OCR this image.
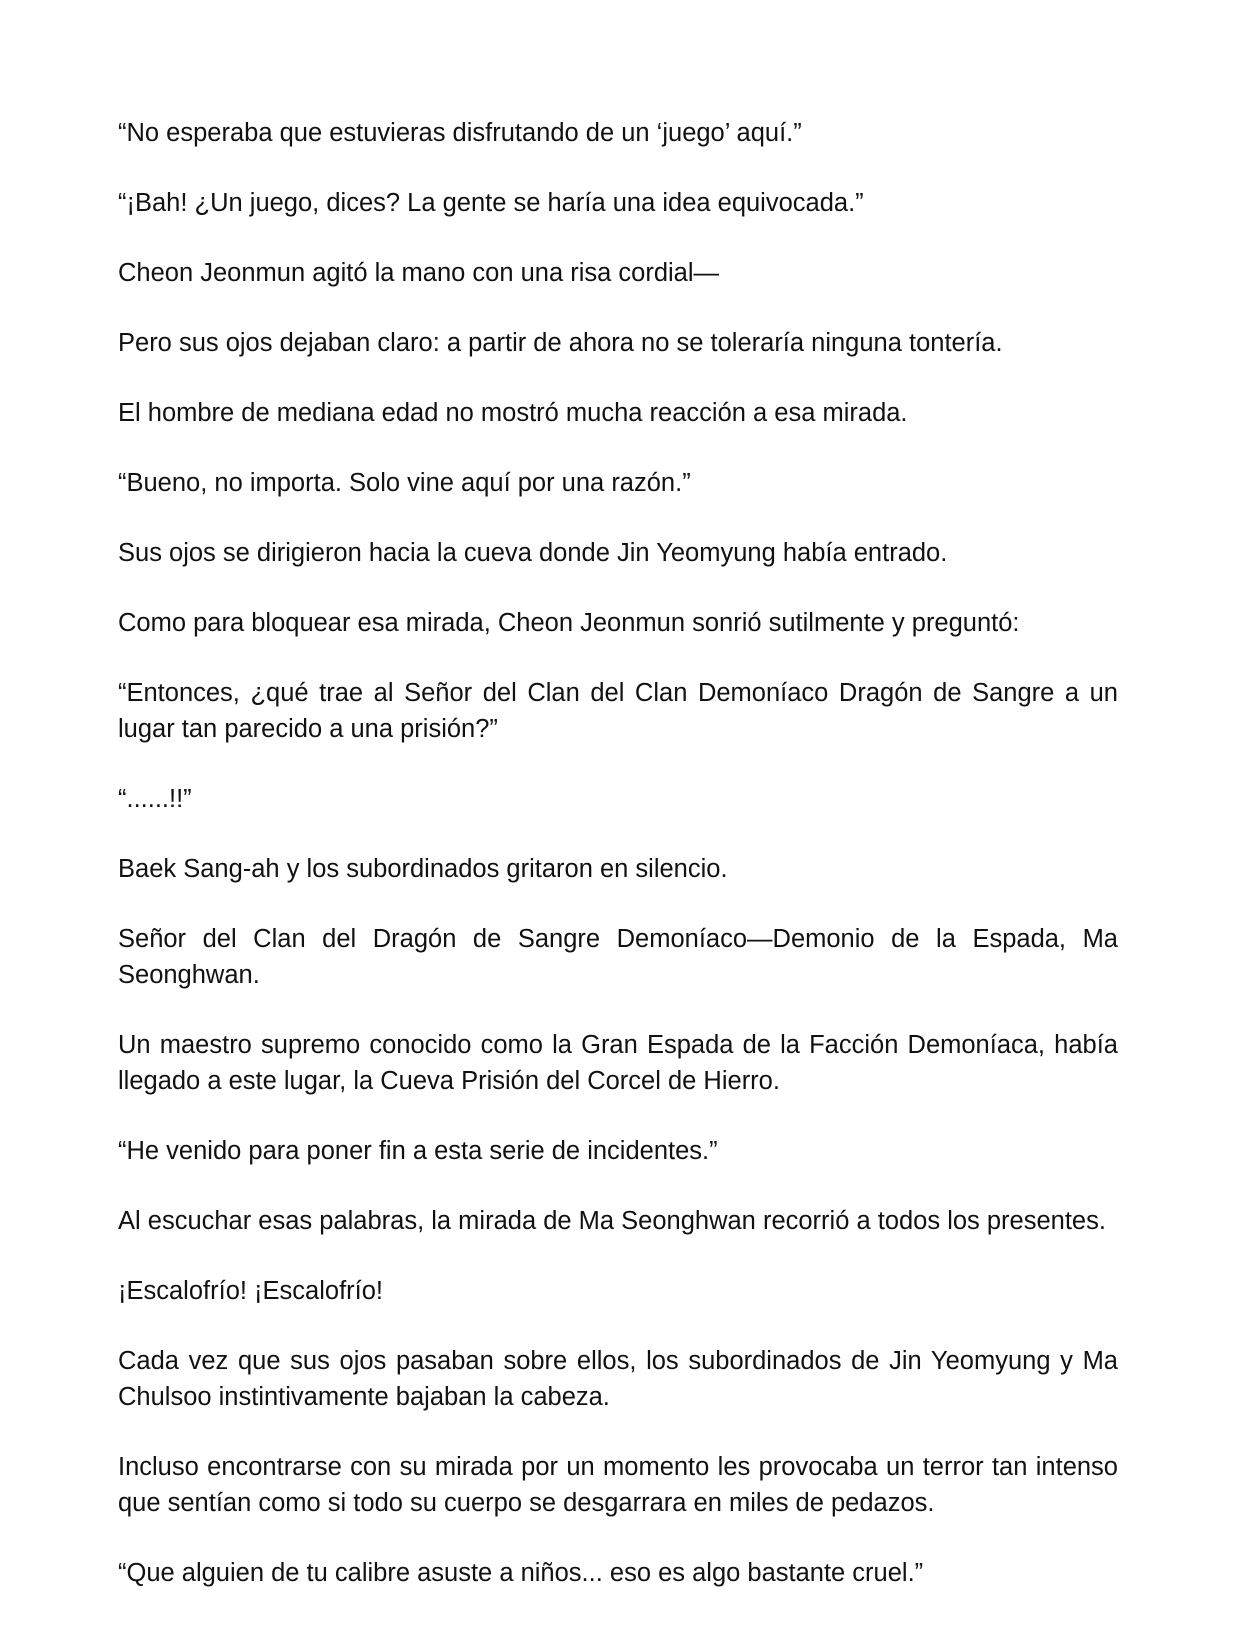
“No esperaba que estuvieras disfrutando de un ‘juego’ aquí.”

“¡Bah! ¿Un juego, dices? La gente se haría una idea equivocada.”

Cheon Jeonmun agitó la mano con una risa cordial—

Pero sus ojos dejaban claro: a partir de ahora no se toleraría ninguna tontería.

El hombre de mediana edad no mostró mucha reacción a esa mirada.

“Bueno, no importa. Solo vine aquí por una razón.”

Sus ojos se dirigieron hacia la cueva donde Jin Yeomyung había entrado.

Como para bloquear esa mirada, Cheon Jeonmun sonrió sutilmente y preguntó:

“Entonces, ¿qué trae al Señor del Clan del Clan Demoníaco Dragón de Sangre a un lugar tan parecido a una prisión?”

“......!!”

Baek Sang-ah y los subordinados gritaron en silencio.

Señor del Clan del Dragón de Sangre Demoníaco—Demonio de la Espada, Ma Seonghwan.

Un maestro supremo conocido como la Gran Espada de la Facción Demoníaca, había llegado a este lugar, la Cueva Prisión del Corcel de Hierro.

“He venido para poner fin a esta serie de incidentes.”

Al escuchar esas palabras, la mirada de Ma Seonghwan recorrió a todos los presentes.

¡Escalofrío! ¡Escalofrío!

Cada vez que sus ojos pasaban sobre ellos, los subordinados de Jin Yeomyung y Ma Chulsoo instintivamente bajaban la cabeza.

Incluso encontrarse con su mirada por un momento les provocaba un terror tan intenso que sentían como si todo su cuerpo se desgarrara en miles de pedazos.

“Que alguien de tu calibre asuste a niños... eso es algo bastante cruel.”
